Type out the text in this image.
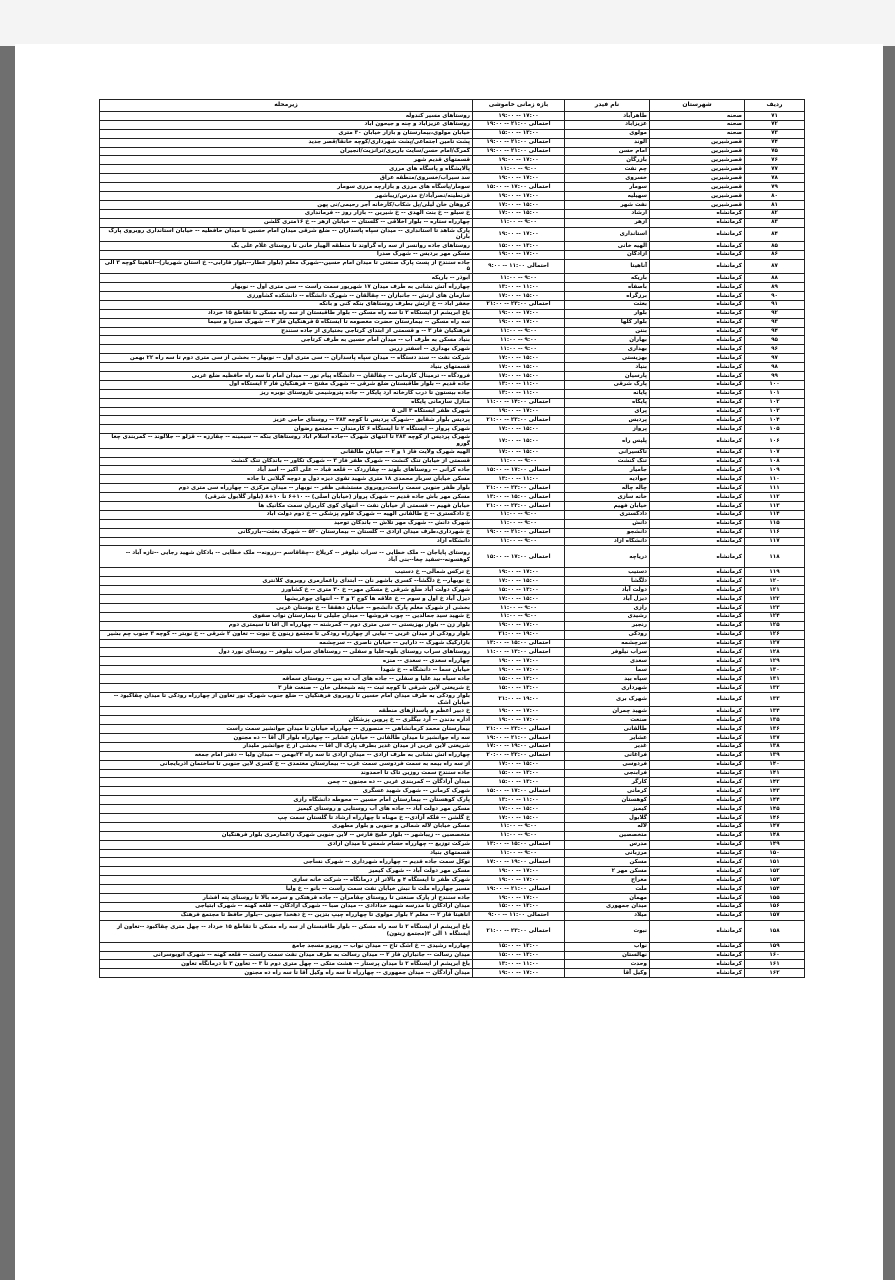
ردیف	شهرستان	نام فیدر	بازه زمانی خاموشی	زیرمحله
۷۱	صحنه	طاهرآباد	۱۹:۰۰ -- ۱۷:۰۰	روستاهای مسیر کندوله
۷۲	صحنه	عزیزآباد	احتمالی ۲۱:۰۰ -- ۱۹:۰۰	روستاهای عزیزآباد و چنه و جیحون آباد
۷۳	صحنه	مولوی	۱۵:۰۰ -- ۱۳:۰۰	خیابان مولوی،بیمارستان و بازار خیابان ۳۰ متری
۷۴	قصرشیرین	الوند	احتمالی ۲۱:۰۰ -- ۱۹:۰۰	پشت تامین اجتماعی/پشت شهرداری/کوچه خانقا/قصر جدید
۷۵	قصرشیرین	امام حسن	احتمالی ۲۱:۰۰ -- ۱۹:۰۰	گمرگ/امام حسن/سایت باربری/ترانزیت/انجیران
۷۶	قصرشیرین	بازرگان	۱۹:۰۰ -- ۱۷:۰۰	قسمتهای قدیم شهر
۷۷	قصرشیرین	چم نفت	۱۱:۰۰ -- ۹:۰۰	پالایشگاه و پاسگاه های مرزی
۷۸	قصرشیرین	خسروی	۱۹:۰۰ -- ۱۷:۰۰	سد سیراب/خسروی/منطقه عراق
۷۹	قصرشیرین	سومار	احتمالی ۱۷:۰۰ -- ۱۵:۰۰	سومار/پاسگاه های مرزی و بازارچه مرزی سومار
۸۰	قصرشیرین	سهیلیه	۱۹:۰۰ -- ۱۷:۰۰	قرنطینه/نصرآباد/خ مدرس/زیباشهر
۸۱	قصرشیرین	نفت شهر	۱۷:۰۰ -- ۱۵:۰۰	کروهان خان لیلی/پل شکاب/کارخانه آجر رحیمی/نی پهن
۸۲	کرمانشاه	ارشاد	۱۷:۰۰ -- ۱۵:۰۰	خ سیلو -- خ بنت الهدی -- خ شیرین -- بازار روز -- فرمانداری
۸۳	کرمانشاه	ازهر	۱۱:۰۰ -- ۹:۰۰	چهارراه ستاره -- بلوار اخلاقی -- گلستان -- خیابان ازهر -- خ ۱۶متری گلشن
۸۴	کرمانشاه	استانداری	۱۹:۰۰ -- ۱۷:۰۰	پارک شاهد تا استانداری -- میدان سپاه پاسداران -- ضلع شرقی میدان امام حسین تا میدان حافظیه -- خیابان استانداری روبروی پارک باران
۸۵	کرمانشاه	الهیه خانی	۱۵:۰۰ -- ۱۳:۰۰	روستاهای جاده روانسر از سه راه گراوند تا منطقه الهیار خانی تا روستای غلام علی بگ
۸۶	کرمانشاه	آزادگان	۱۹:۰۰ -- ۱۷:۰۰	مسکن مهر بردیس -- شهرک صدرا
۸۷	کرمانشاه	آناهیتا	احتمالی ۱۱:۰۰ -- ۹:۰۰	جاده سنندج از پست پارک صنعتی تا میدان امام حسین--شهرک معلم (بلوار عطار--بلوار فارابی-- خ آستان شهریار)--آناهیتا کوچه ۳ الی ۵
۸۸	کرمانشاه	باریکه	۱۱:۰۰ -- ۹:۰۰	ابوذر -- باریکه
۸۹	کرمانشاه	باصفاه	۱۳:۰۰ -- ۱۱:۰۰	چهارراه آتش نشانی به طرف میدان ۱۷ شهریور سمت راست -- سی متری اول -- نوبهار
۹۰	کرمانشاه	برزگراه	۱۷:۰۰ -- ۱۵:۰۰	سازمان های ارتش -- جانبازان -- چقالقان -- شهرک دانشگاه -- دانشکده کشاورزی
۹۱	کرمانشاه	بعثت	احتمالی ۲۳:۰۰ -- ۲۱:۰۰	جعفر آباد -- خ ارتش بطرف روستاهای بنگه کنی و بانکه
۹۲	کرمانشاه	بلوار	۱۹:۰۰ -- ۱۷:۰۰	باغ ابریشم از ایستگاه ۲ تا سه راه مسکن -- بلوار طاقبستان از سه راه مسکن تا تقاطع ۱۵ خرداد
۹۳	کرمانشاه	بلوار کلها	۱۹:۰۰ -- ۱۷:۰۰	سه راه مسکن -- بیمارستان حضرت معصومه تا ایستگاه ۵ فرهنگیان فاز ۲ -- شهرک صدرا و سیما
۹۴	کرمانشاه	بنتن	۱۱:۰۰ -- ۹:۰۰	فرهنگیان فاز ۳ -- و قسمتی از ابتدای کرتاجی بختیاری از جاده سنندج
۹۵	کرمانشاه	بهاران	۱۱:۰۰ -- ۹:۰۰	بنیاد مسکن به طرف آب -- میدان امام حسین به طرف کرتاجی
۹۶	کرمانشاه	بهداری	۱۱:۰۰ -- ۹:۰۰	شهرک بهداری -- اسفتر زرین
۹۷	کرمانشاه	بهزیستی	۱۷:۰۰ -- ۱۵:۰۰	شرکت نفت -- سند دستگاه -- میدان سپاه پاسداران -- سی متری اول -- نوبهار -- بخشی از سی متری دوم تا سه راه ۲۲ بهمن
۹۸	کرمانشاه	بنیاد	۱۷:۰۰ -- ۱۵:۰۰	قسمتهای بنیاد
۹۹	کرمانشاه	پارسیان	۱۷:۰۰ -- ۱۵:۰۰	فرودگاه -- ترمینال کارمانی -- چقالقان -- دانشگاه پیام نور -- میدان امام تا سه راه حافظیه ضلع غربی
۱۰۰	کرمانشاه	پارک شرقی	۱۳:۰۰ -- ۱۱:۰۰	جاده قدیم -- بلوار طاقبستان ضلع شرقی -- شهرک مفتح -- فرهنگیان فاز ۲ ایستگاه اول
۱۰۱	کرمانشاه	پایانه	۱۳:۰۰ -- ۱۱:۰۰	جاده بیستون تا درب کارخانه آرد پایکار -- جاده پتروشیمی تاروستای نوبره ریز
۱۰۲	کرمانشاه	پایگاه	احتمالی ۱۴:۰۰ -- ۱۱:۰۰	منازل سازمانی پایگاه
۱۰۳	کرمانشاه	پرای	۱۹:۰۰ -- ۱۷:۰۰	شهرک ظفر ایستگاه ۳ الی ۵
۱۰۴	کرمانشاه	پردیس	احتمالی ۲۳:۰۰ -- ۲۱:۰۰	پردیس بلوار شقایق --شهرک پردیس تا کوچه ۲۸۳ -- روستای حاجی عزیز
۱۰۵	کرمانشاه	پرواز	۱۷:۰۰ -- ۱۵:۰۰	شهرک پرواز -- ایستگاه ۲ تا ایستگاه ۶ کارمندان -- مجتمع رضوان
۱۰۶	کرمانشاه	پلیس راه	۱۷:۰۰ -- ۱۵:۰۰	شهرک پردیس از کوچه ۲۸۳ تا انتهای شهرک --جاده اسلام آباد روستاهای بنگه -- سیمینه -- چقارزه -- قزلو -- جلالوند -- کمربندی چغا گورو
۱۰۷	کرمانشاه	تاکسیرانی	۱۷:۰۰ -- ۱۵:۰۰	الهیه شهرک ولایت فاز ۱ و ۲ -- خیابان طالقانی
۱۰۸	کرمانشاه	تنگ کنشت	۱۱:۰۰ -- ۹:۰۰	قسمتی از خیابان تنگ کنشت -- شهرک ظفر فاز ۳ -- شهرک تکاور -- باندکان تنگ کنشت
۱۰۹	کرمانشاه	جامیار	احتمالی ۱۷:۰۰ -- ۱۵:۰۰	جاده کرانی -- روستاهای بلوند -- چقازردک -- قلعه قباد -- علی اکبر -- اسد آباد
۱۱۰	کرمانشاه	جوادیه	۱۳:۰۰ -- ۱۱:۰۰	مسکن خیابان سرباز محمدی ۱۸ متری شهید تقوی دیزه دول و دوچه گیلانی تا جاده
۱۱۱	کرمانشاه	چاله چاله	احتمالی ۲۳:۰۰ -- ۲۱:۰۰	بلوار ظفر جنوبی سمت راست،روبروی مستشفی ظفر -- نوبهار -- میدان مرکزی -- چهارراه سی متری دوم
۱۱۲	کرمانشاه	خانه سازی	احتمالی ۱۵:۰۰ -- ۱۳:۰۰	مسکن مهر باش جاده قدیم -- شهرک پرواز (خیابان اصلی) -- ۱۰+۶ تا ۱۰+۸ (بلوار گلابول شرقی)
۱۱۳	کرمانشاه	خیابان فهیم	احتمالی ۲۳:۰۰ -- ۲۱:۰۰	خیابان فهیم -- قسمتی از خیابان نفت -- انتهای کوی کاربران سمت مکانیک ها
۱۱۴	کرمانشاه	دادگستری	۱۱:۰۰ -- ۹:۰۰	خ دادگستری -- خ طالقانی الهیه -- شهرک علوم پزشکی -- خ دوم دولت آباد
۱۱۵	کرمانشاه	دانش	۱۱:۰۰ -- ۹:۰۰	شهرک دانش -- شهرک مهر تلاش -- باندکان توحید
۱۱۶	کرمانشاه	دانشجو	احتمالی ۲۱:۰۰ -- ۱۹:۰۰	خ شهرداری،طرف میدان آزادی -- گلستان -- بیمارستان ۵۲۰ -- شهرک بعثت--بازرگانی
۱۱۷	کرمانشاه	دانشگاه آزاد	۱۱:۰۰ -- ۹:۰۰	دانشگاه آزاد
۱۱۸	کرمانشاه	دریاچه	احتمالی ۱۷:۰۰ -- ۱۵:۰۰	روستای پایاجان -- ملک خطایی -- سراب نیلوفر -- کریلاخ --چقاقاسم --زرونه-- ملک خطایی -- بادکان شهید رجایی --تازه آباد -- کوهسونه--سفید چغا--بنی آباد
۱۱۹	کرمانشاه	دستیب	۱۹:۰۰ -- ۱۷:۰۰	خ ترکس شمالی-- خ دستیب
۱۲۰	کرمانشاه	دلگشا	۱۷:۰۰ -- ۱۵:۰۰	خ نوبهار-- خ دلگشا-- کسری باشهر نان -- ابتدای زاغمارمری روبروی کلانتری
۱۲۱	کرمانشاه	دولت آباد	۱۵:۰۰ -- ۱۳:۰۰	شهرک دولت آباد ضلع شرقی خ مسکن مهر-- خ ۳۰ متری -- خ کشاورز
۱۲۲	کرمانشاه	دیزل آباد	۱۷:۰۰ -- ۱۵:۰۰	دیزل آباد خ اول و سوم -- خ علاقه ها کوچ ۲ و ۳ -- انتهای چوغریشها
۱۲۳	کرمانشاه	رازی	۱۱:۰۰ -- ۹:۰۰	بخشی از شهرک معلم پارک دانشجو -- خیابان دهقفا -- خ بوستان غربی
۱۲۴	کرمانشاه	رشیدی	۱۱:۰۰ -- ۹:۰۰	خ شهید سید جمالدین -- چوب فروشها -- میدان جلیلی تا بیمارستان نواب صفوی
۱۲۵	کرمانشاه	رنجبر	۱۹:۰۰ -- ۱۷:۰۰	بلوار زن -- بلوار بهزیستی -- سی متری دوم -- کمرشته -- چهارراه آل آقا تا سیمتری دوم
۱۲۶	کرمانشاه	رودکی	۲۱:۰۰ -- ۱۹:۰۰	بلوار رودکی از میدان غربی -- نیایی از چهارراه رودکی تا مجتمع زینون خ نیوت -- تعاون ۲ شرقی -- خ نوبتر -- کوچه ۳ جنوب چم بشیر
۱۲۷	کرمانشاه	سرچشمه	احتمالی ۱۵:۰۰ -- ۱۳:۰۰	بازارکیک شهرک -- دارایی -- خیابان ناصری -- سرچشمه
۱۲۸	کرمانشاه	سراب نیلوفر	احتمالی ۱۳:۰۰ -- ۱۱:۰۰	روستاهای سراب روستای بلوه-علیا و سفلی -- روستاهای سراب نیلوفر -- روستای نورد دول
۱۲۹	کرمانشاه	سعدی	۱۹:۰۰ -- ۱۷:۰۰	چهارراه سعدی -- سعدی -- منزه
۱۳۰	کرمانشاه	سما	۱۹:۰۰ -- ۱۷:۰۰	خیابان سما -- دانشگاه -- خ شهدا
۱۳۱	کرمانشاه	سیاه بید	۱۵:۰۰ -- ۱۳:۰۰	جاده سیاه بید علیا و سفلی -- جاده های آب ده پین -- روستای سماقه
۱۳۲	کرمانشاه	شهرداری	۱۵:۰۰ -- ۱۳:۰۰	خ شریعتی لاین شرقی تا کوچه ثبت -- پته شیخعلی خان -- صنعت فاز ۳
۱۳۳	کرمانشاه	شهرک بری	۲۱:۰۰ -- ۱۹:۰۰	بلوار رودکی به طرف میدان امام حسین تا روبروی فرهنگیان -- ضلع جنوب شهرک نور تعاون از چهارراه رودکی تا میدان چقاکبود -- خیابان اشک
۱۳۴	کرمانشاه	شهید چمران	۱۹:۰۰ -- ۱۷:۰۰	خ دبیر اعظم و پاسداژهای منطقه
۱۳۵	کرمانشاه	صنعت	۱۹:۰۰ -- ۱۷:۰۰	اداره بدندن -- آرد بیگلری -- خ پروین پزشکان
۱۳۶	کرمانشاه	طالقانی	احتمالی ۲۳:۰۰ -- ۲۱:۰۰	بیمارستان محمد کرمانشاهی -- منصوری -- چهارراه خیابان تا میدان جوانشیر سمت راست
۱۳۷	کرمانشاه	عشایر	احتمالی ۲۱:۰۰ -- ۱۹:۰۰	سه راه جوانشیر تا میدان طالقانی -- خیابان عشایر -- چهارراه بلوار آل آقا -- ده مجنون
۱۳۸	کرمانشاه	غدیر	احتمالی ۱۹:۰۰ -- ۱۷:۰۰	شریعتی لاین غربی از میدان غدیر بطرف پارک آل آقا -- بخشی از خ جوانشیر ملیدار
۱۳۹	کرمانشاه	فراغانی	احتمالی ۲۲:۰۰ -- ۲۰:۰۰	چهارراه آتش نشانی به طرف آزادی -- میدان آزادی تا سه راه ۲۲بهمن -- میدان ولیا -- دفتر امام جمعه
۱۴۰	کرمانشاه	فردوسی	۱۷:۰۰ -- ۱۵:۰۰	از سه راه بیمه به سمت فردوسی سمت غرب -- بیمارستان معتمدی -- خ کسری لاین جنوبی تا ساختمان آذربایجانی
۱۴۱	کرمانشاه	فرابنجی	۱۵:۰۰ -- ۱۳:۰۰	جاده سنندج سمت روزین تاک تا احمدوند
۱۴۲	کرمانشاه	کارگر	۱۵:۰۰ -- ۱۳:۰۰	میدان آزادگان -- کمربندی غربی -- ده مجنون -- چمن
۱۴۳	کرمانشاه	کرمانی	احتمالی ۱۷:۰۰ -- ۱۵:۰۰	شهرک کرمانی -- شهرک شهید عسگری
۱۴۴	کرمانشاه	کوهستان	۱۳:۰۰ -- ۱۱:۰۰	پارک کوهستان -- بیمارستان امام حسین -- محوطه دانشگاه رازی
۱۴۵	کرمانشاه	کیمیز	۱۷:۰۰ -- ۱۵:۰۰	مسکن مهر دولت آباد -- جاده های آب روستایی و روستای کیمیز
۱۴۶	کرمانشاه	گلابول	۱۷:۰۰ -- ۱۵:۰۰	خ گلشن -- فلکه آزادی-- خ مهناه تا چهارراه ارشاد تا گلستان سمت چپ
۱۴۷	کرمانشاه	لاله	۱۱:۰۰ -- ۹:۰۰	مسکن خیابان لاله شمالی و جنوبی و بلوار مطهری
۱۴۸	کرمانشاه	متخصصین	۱۱:۰۰ -- ۹:۰۰	متخصصین -- زیباشهر -- بلوار خلیج فارس -- لاین جنوبی شهرک زاغمارمری بلوار فرهنگیان
۱۴۹	کرمانشاه	مدرس	احتمالی ۱۵:۰۰ -- ۱۳:۰۰	شرکت توزیع -- چهارراه حسام شمس تا میدان آزادی
۱۵۰	کرمانشاه	مرزبانی	۱۱:۰۰ -- ۹:۰۰	قسمتهای بنیاد
۱۵۱	کرمانشاه	مسکن	احتمالی ۱۹:۰۰ -- ۱۷:۰۰	توکل سمت جاده قدیم -- چهارراه شهرداری -- شهرک نساجی
۱۵۲	کرمانشاه	مسکن مهر ۲	۱۹:۰۰ -- ۱۷:۰۰	مسکن مهر دولت آباد -- شهرک کیمیز
۱۵۳	کرمانشاه	معراج	۱۹:۰۰ -- ۱۷:۰۰	شهرک ظفر تا ایستگاه ۴ و بالاتر از درمانگاه -- شرکت خانه سازی
۱۵۴	کرمانشاه	ملت	احتمالی ۲۱:۰۰ -- ۱۹:۰۰	مسیر چهارراه ملت تا نبش خیابان نفت سمت راست -- بانو -- خ ولیا
۱۵۵	کرمانشاه	مهمان	۱۹:۰۰ -- ۱۷:۰۰	جاده سنندج از پارک صنعتی تا روستای چقامران -- جاده قرهتکی و سرخه بالا تا روستای پته افشار
۱۵۶	کرمانشاه	میدان جمهوری	۱۵:۰۰ -- ۱۳:۰۰	میدان آزادگان تا مدرسه شهید خدادادی -- میدان صبا -- شهرک آزادگان -- قلعه کهنه -- شهرک ابتیاجی
۱۵۷	کرمانشاه	میلاد	احتمالی ۱۱:۰۰ -- ۹:۰۰	آناهیتا فاز ۲ -- معلم ۲ بلوار مولوی تا چهارراه چیپ بتزین -- خ دهخدا جنوبی --بلوار حافظ تا مجتمع فرهنگ
۱۵۸	کرمانشاه	نبوت	احتمالی ۲۳:۰۰ -- ۲۱:۰۰	باغ ابریشم از ایستگاه ۲ تا سه راه مسکن -- بلوار طاقبستان از سه راه مسکن تا تقاطع ۱۵ خرداد -- چهل متری چقاکبود --تعاون از ایستگاه ۱ الی ۳(مجتمع زیتون)
۱۵۹	کرمانشاه	نواب	۱۵:۰۰ -- ۱۳:۰۰	چهارراه رشیدی -- خ اشک تاج -- میدان نواب -- روبرو مسجد جامع
۱۶۰	کرمانشاه	نهالستان	۱۵:۰۰ -- ۱۳:۰۰	میدان رسالت -- جانبازان فاز ۲ -- میدان رسالت به طرف میدان نفت سمت راست -- قلعه کهنه -- شهرک اتوبوسرانی
۱۶۱	کرمانشاه	وحدت	۱۳:۰۰ -- ۱۱:۰۰	باغ ابریشم از ایستگاه ۲ تا میدان پرستار -- هشت متکی -- چهل متری دوم تا ۳ -- تعاون ۳ تا درمانگاه تعاون
۱۶۲	کرمانشاه	وکیل آقا	۱۹:۰۰ -- ۱۷:۰۰	میدان آزادگان -- میدان جمهوری -- چهارراه تا سه راه وکیل آقا تا سه راه ده مجنون
